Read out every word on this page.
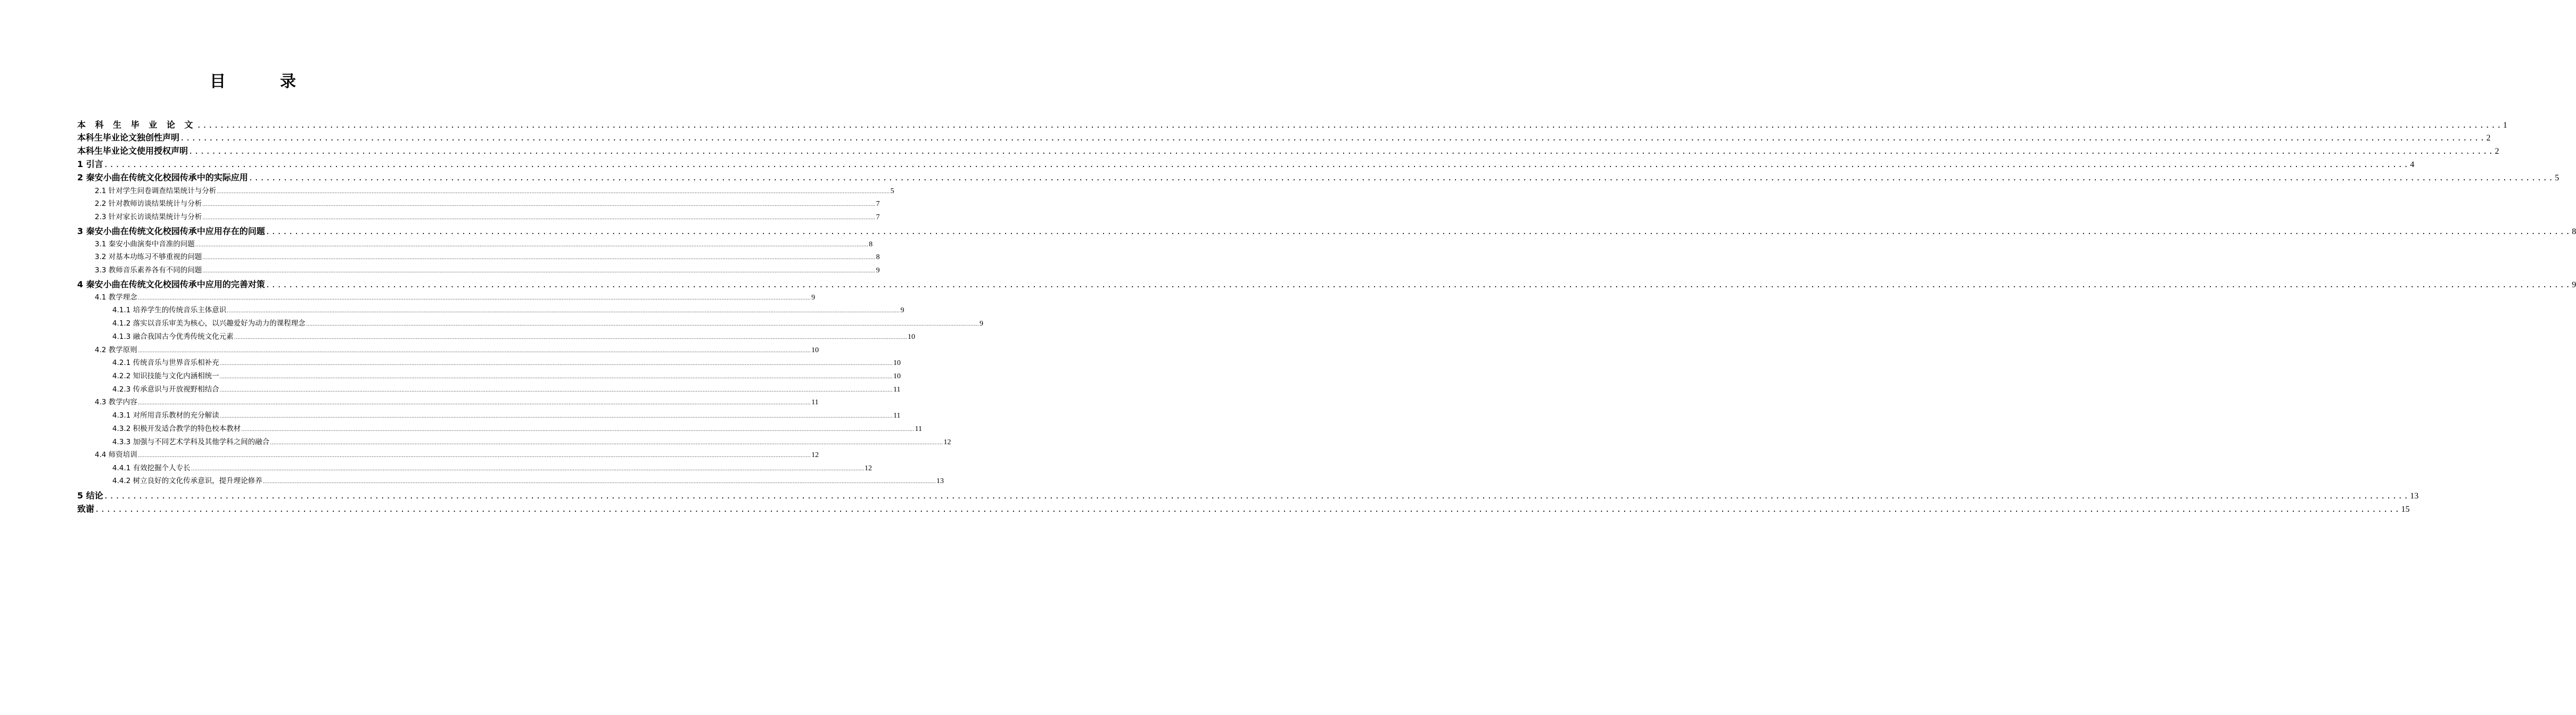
目　录
本 科 生 毕 业 论 文 ................................................................................................................................................................................................................................................................................................................................................................................................................ 1
本科生毕业论文独创性声明 ................................................................................................................................................................................................................................................................................................................................................................................................................ 2
本科生毕业论文使用授权声明 ................................................................................................................................................................................................................................................................................................................................................................................................................ 2
1 引言 ................................................................................................................................................................................................................................................................................................................................................................................................................ 4
2 秦安小曲在传统文化校园传承中的实际应用 ................................................................................................................................................................................................................................................................................................................................................................................................................ 5
2.1 针对学生问卷调查结果统计与分析 ................................................................................................................................................................................................................................................................................................................................................................................................................ 5
2.2 针对教师访谈结果统计与分析 ................................................................................................................................................................................................................................................................................................................................................................................................................ 7
2.3 针对家长访谈结果统计与分析 ................................................................................................................................................................................................................................................................................................................................................................................................................ 7
3 秦安小曲在传统文化校园传承中应用存在的问题 ................................................................................................................................................................................................................................................................................................................................................................................................................ 8
3.1 秦安小曲演奏中音准的问题 ................................................................................................................................................................................................................................................................................................................................................................................................................ 8
3.2 对基本功练习不够重视的问题 ................................................................................................................................................................................................................................................................................................................................................................................................................ 8
3.3 教师音乐素养各有不同的问题 ................................................................................................................................................................................................................................................................................................................................................................................................................ 9
4 秦安小曲在传统文化校园传承中应用的完善对策 ................................................................................................................................................................................................................................................................................................................................................................................................................ 9
4.1 教学理念 ................................................................................................................................................................................................................................................................................................................................................................................................................ 9
4.1.1 培养学生的传统音乐主体意识 ................................................................................................................................................................................................................................................................................................................................................................................................................ 9
4.1.2 落实以音乐审美为核心，以兴趣爱好为动力的课程理念 ................................................................................................................................................................................................................................................................................................................................................................................................................ 9
4.1.3 融合我国古今优秀传统文化元素 ................................................................................................................................................................................................................................................................................................................................................................................................................ 10
4.2 教学原则 ................................................................................................................................................................................................................................................................................................................................................................................................................ 10
4.2.1 传统音乐与世界音乐相补充 ................................................................................................................................................................................................................................................................................................................................................................................................................ 10
4.2.2 知识技能与文化内涵相统一 ................................................................................................................................................................................................................................................................................................................................................................................................................ 10
4.2.3 传承意识与开放视野相结合 ................................................................................................................................................................................................................................................................................................................................................................................................................ 11
4.3 教学内容 ................................................................................................................................................................................................................................................................................................................................................................................................................ 11
4.3.1 对所用音乐教材的充分解读 ................................................................................................................................................................................................................................................................................................................................................................................................................ 11
4.3.2 积极开发适合教学的特色校本教材 ................................................................................................................................................................................................................................................................................................................................................................................................................ 11
4.3.3 加强与不同艺术学科及其他学科之间的融合 ................................................................................................................................................................................................................................................................................................................................................................................................................ 12
4.4 师资培训 ................................................................................................................................................................................................................................................................................................................................................................................................................ 12
4.4.1 有效挖掘个人专长 ................................................................................................................................................................................................................................................................................................................................................................................................................ 12
4.4.2 树立良好的文化传承意识，提升理论修养 ................................................................................................................................................................................................................................................................................................................................................................................................................ 13
5 结论 ................................................................................................................................................................................................................................................................................................................................................................................................................ 13
致谢 ................................................................................................................................................................................................................................................................................................................................................................................................................ 15
